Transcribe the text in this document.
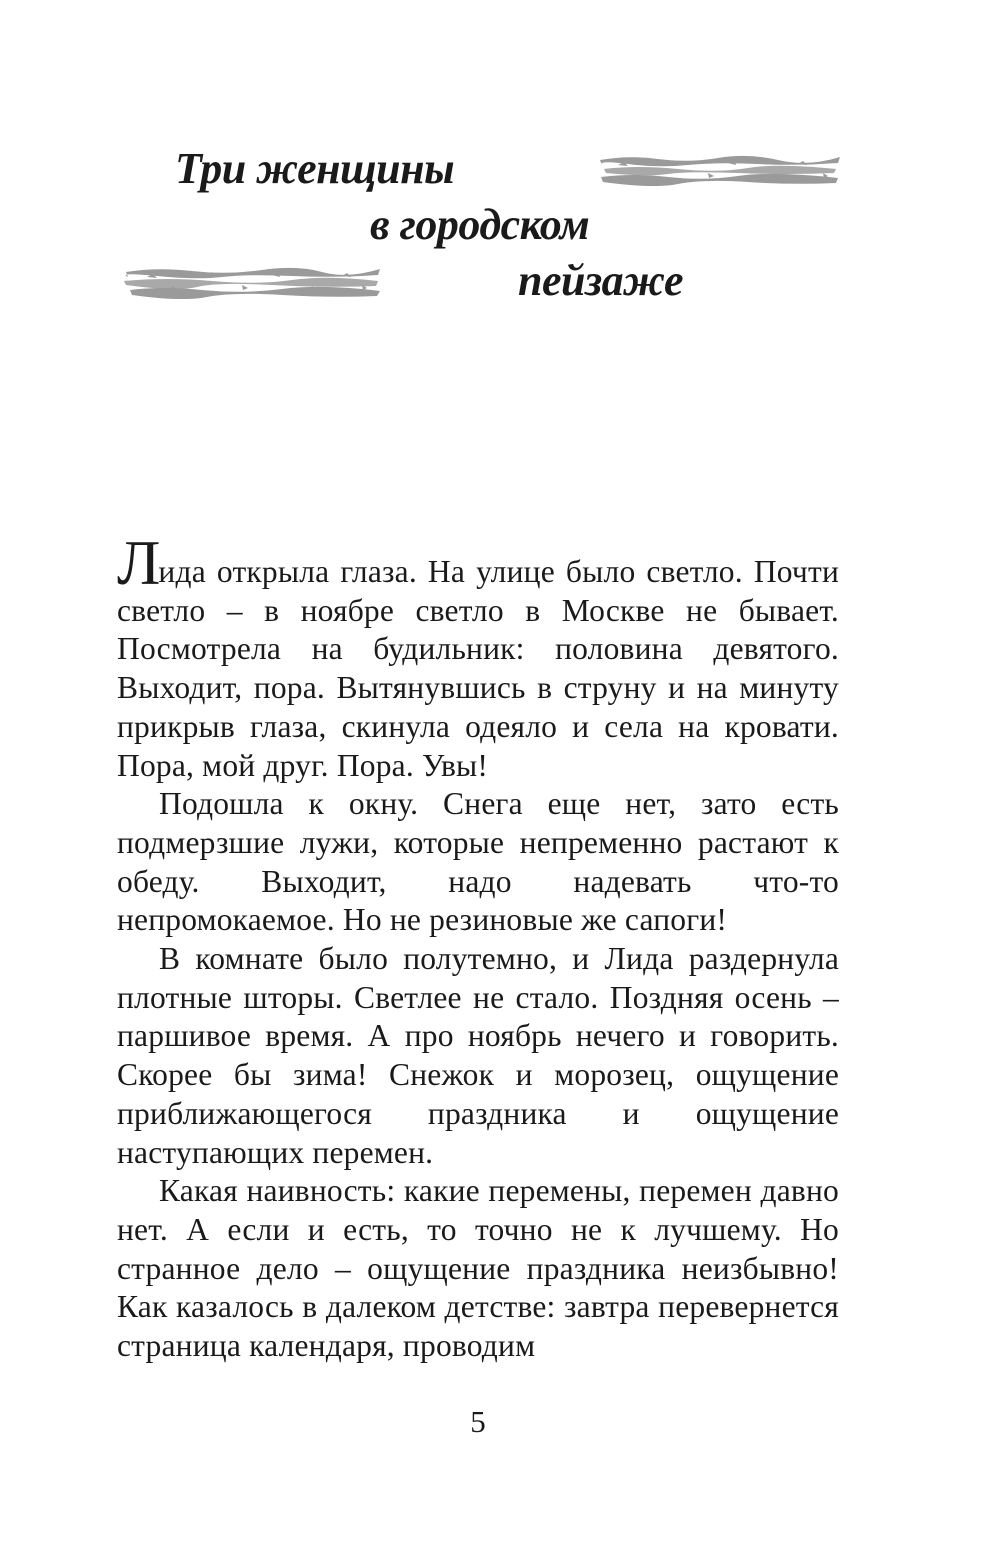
Три женщины
в городском
пейзаже

Лида открыла глаза. На улице было светло. Почти светло – в ноябре светло в Москве не бывает. Посмотрела на будильник: половина девятого. Выходит, пора. Вытянувшись в струну и на минуту прикрыв глаза, скинула одеяло и села на кровати. Пора, мой друг. Пора. Увы!

Подошла к окну. Снега еще нет, зато есть подмерзшие лужи, которые непременно растают к обеду. Выходит, надо надевать что-то непромокаемое. Но не резиновые же сапоги!

В комнате было полутемно, и Лида раздернула плотные шторы. Светлее не стало. Поздняя осень – паршивое время. А про ноябрь нечего и говорить. Скорее бы зима! Снежок и морозец, ощущение приближающегося праздника и ощущение наступающих перемен.

Какая наивность: какие перемены, перемен давно нет. А если и есть, то точно не к лучшему. Но странное дело – ощущение праздника неизбывно! Как казалось в далеком детстве: завтра перевернется страница календаря, проводим

5
